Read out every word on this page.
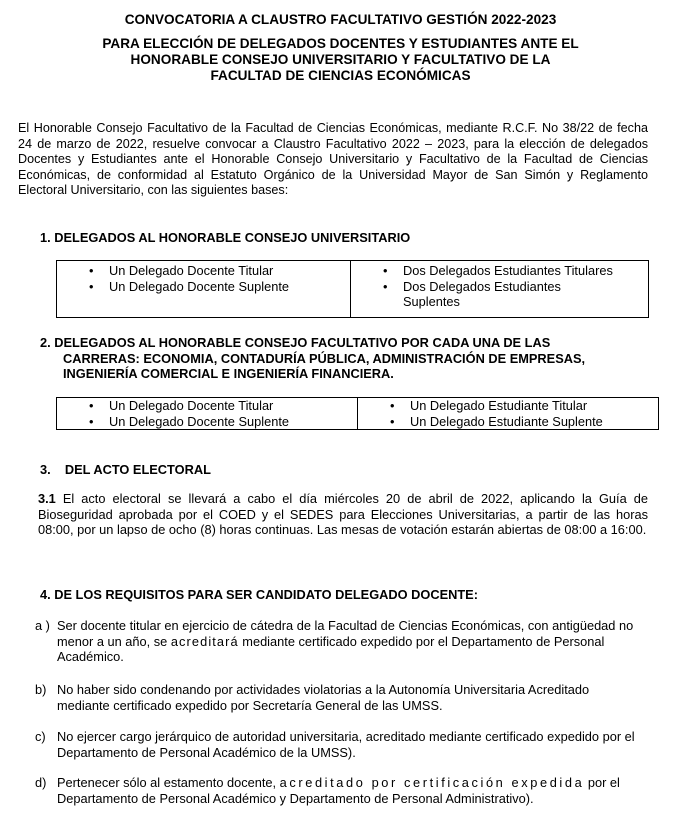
CONVOCATORIA A CLAUSTRO FACULTATIVO GESTIÓN 2022-2023
PARA ELECCIÓN DE DELEGADOS DOCENTES Y ESTUDIANTES ANTE EL
HONORABLE CONSEJO UNIVERSITARIO Y FACULTATIVO DE LA
FACULTAD DE CIENCIAS ECONÓMICAS
El Honorable Consejo Facultativo de la Facultad de Ciencias Económicas, mediante R.C.F. No 38/22 de fecha 24 de marzo de 2022, resuelve convocar a Claustro Facultativo 2022 – 2023, para la elección de delegados Docentes y Estudiantes ante el Honorable Consejo Universitario y Facultativo de la Facultad de Ciencias Económicas, de conformidad al Estatuto Orgánico de la Universidad Mayor de San Simón y Reglamento Electoral Universitario, con las siguientes bases:
1. DELEGADOS AL HONORABLE CONSEJO UNIVERSITARIO
• Un Delegado Docente Titular
• Un Delegado Docente Suplente

• Dos Delegados Estudiantes Titulares
• Dos Delegados Estudiantes Suplentes
2. DELEGADOS AL HONORABLE CONSEJO FACULTATIVO POR CADA UNA DE LAS
CARRERAS: ECONOMIA, CONTADURÍA PÚBLICA, ADMINISTRACIÓN DE EMPRESAS,
INGENIERÍA COMERCIAL E INGENIERÍA FINANCIERA.
• Un Delegado Docente Titular
• Un Delegado Docente Suplente

• Un Delegado Estudiante Titular
• Un Delegado Estudiante Suplente
3.    DEL ACTO ELECTORAL
3.1 El acto electoral se llevará a cabo el día miércoles 20 de abril de 2022, aplicando la Guía de Bioseguridad aprobada por el COED y el SEDES para Elecciones Universitarias, a partir de las horas 08:00, por un lapso de ocho (8) horas continuas. Las mesas de votación estarán abiertas de 08:00 a 16:00.
4. DE LOS REQUISITOS PARA SER CANDIDATO DELEGADO DOCENTE:
a ) Ser docente titular en ejercicio de cátedra de la Facultad de Ciencias Económicas, con antigüedad no menor a un año, se acreditará mediante certificado expedido por el Departamento de Personal Académico.
b) No haber sido condenando por actividades violatorias a la Autonomía Universitaria Acreditado mediante certificado expedido por Secretaría General de las UMSS.
c) No ejercer cargo jerárquico de autoridad universitaria, acreditado mediante certificado expedido por el Departamento de Personal Académico de la UMSS).
d) Pertenecer sólo al estamento docente, acreditado por certificación expedida por el Departamento de Personal Académico y Departamento de Personal Administrativo).
